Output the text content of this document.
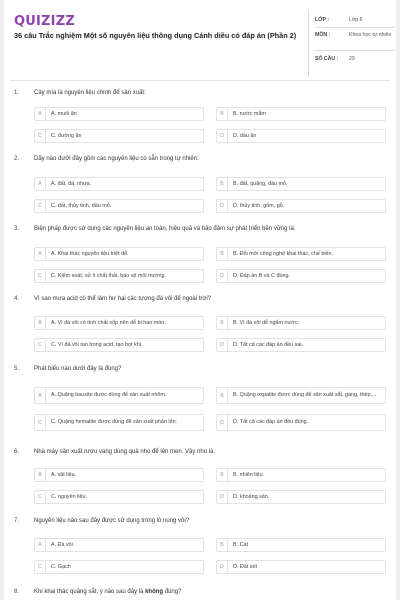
QUIZIZZ
36 câu Trắc nghiệm Một số nguyên liệu thông dụng Cánh diều có đáp án (Phần 2)
LỚP :	Lớp 6
MÔN :	Khoa học tự nhiên
SỐ CÂU : 29
1. Cây mía là nguyên liệu chính để sản xuất:
A	A. muối ăn	B	B. nước mắm
C	C. đường ăn	D	D. dầu ăn
2. Dãy nào dưới đây gồm các nguyên liệu có sẵn trong tự nhiên:
A	A. đất, đá, nhựa.	B	B. đất, quặng, dầu mỏ.
C	C. đất, thủy tinh, dầu mỏ.	D	D. thủy tinh, gốm, gỗ.
3. Biện pháp được sử dụng các nguyên liệu an toàn, hiệu quả và bảo đảm sự phát triển bền vững là:
A	A. Khai thác nguyên liệu triệt để.	B	B. Đổi mới công nghệ khai thác, chế biến.
C	C. Kiểm soát, xử lí chất thải, bảo vệ môi trường.	D	D. Đáp án B và C đúng.
4. Vì sao mưa acid có thể làm hư hại các tượng đá vôi để ngoài trời?
A	A. Vì đá vôi có tính chất xốp nên dễ bị hao mòn.	B	B. Vì đá vôi dễ ngấm nước.
C	C. Vì đá vôi tan trong acid, tạo bọt khí.	D	D. Tất cả các đáp án đều sai.
5. Phát biểu nào dưới đây là đúng?
A	A. Quặng bauxite được dùng để sản xuất nhôm.	B	B. Quặng expatite được dùng để sản xuất sắt, gang, thép,...
C	C. Quặng hematite được dùng để sản xuất phân lân.	D	D. Tất cả các đáp án đều đúng.
6. Nhà máy sản xuất rượu vang dùng quả nho để lên men. Vậy nho là:
A	A. vật liệu.	B	B. nhiên liệu.
C	C. nguyên liệu.	D	D. khoáng sản.
7. Nguyên liệu nào sau đây được sử dụng trong lò nung vôi?
A	A. Đá vôi	B	B. Cát
C	C. Gạch	D	D. Đất sét
8. Khi khai thác quặng sắt, ý nào sau đây là không đúng?
